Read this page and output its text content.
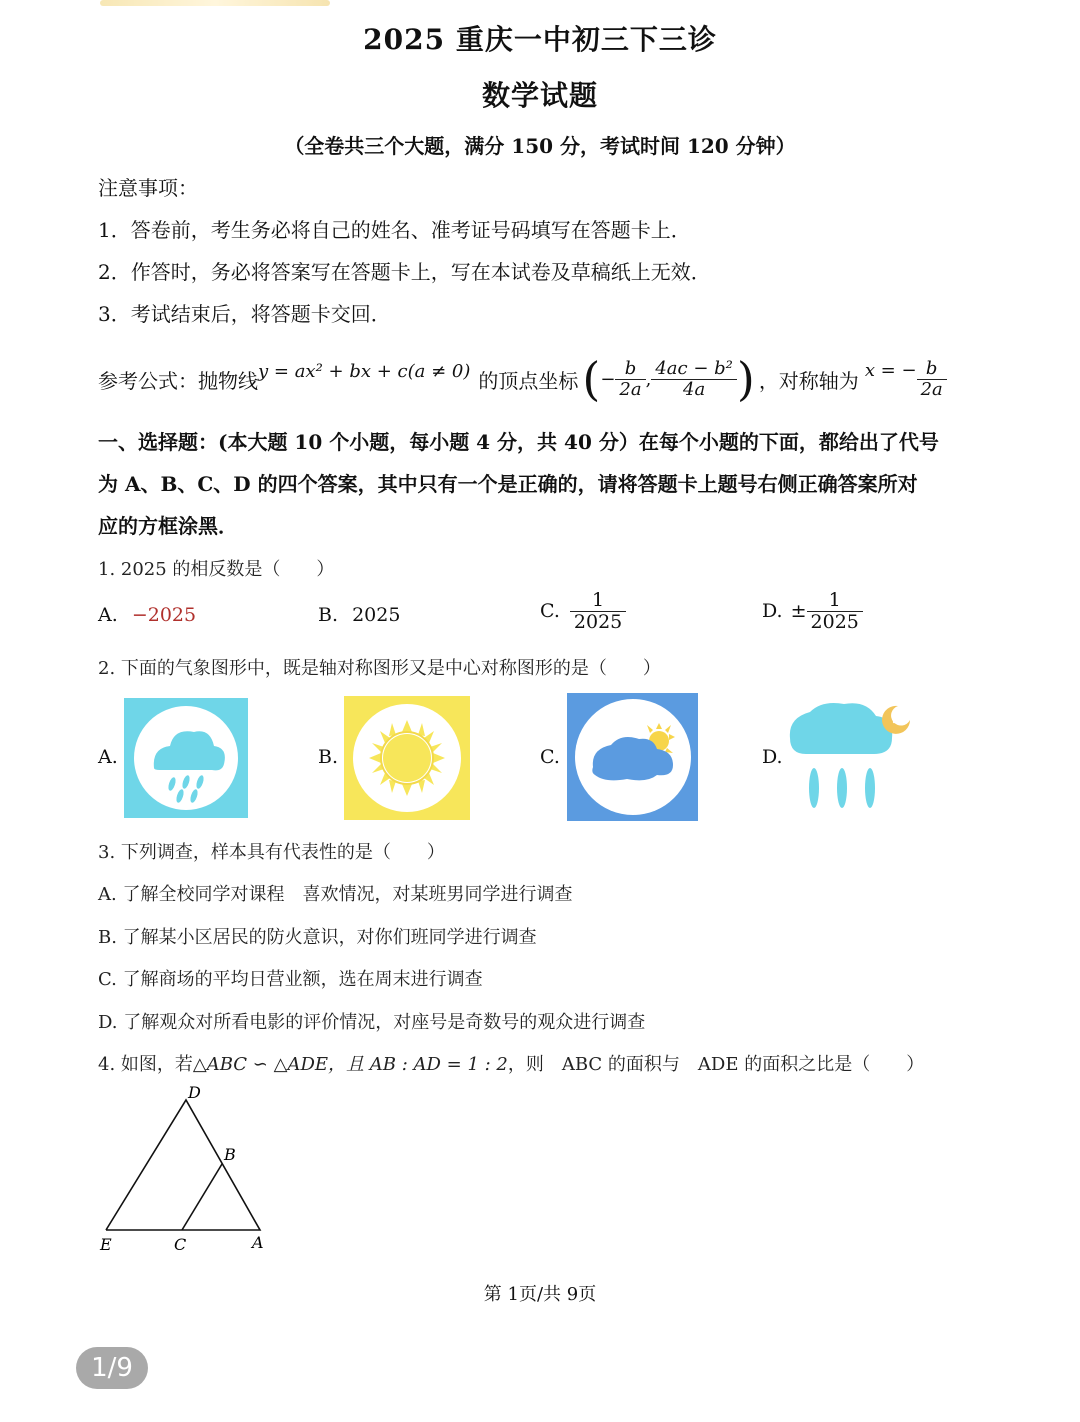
2025 重庆一中初三下三诊
数学试题
（全卷共三个大题，满分 150 分，考试时间 120 分钟）
注意事项：
1．答卷前，考生务必将自己的姓名、准考证号码填写在答题卡上．
2．作答时，务必将答案写在答题卡上，写在本试卷及草稿纸上无效．
3．考试结束后，将答题卡交回．
参考公式：抛物线 y = ax² + bx + c(a ≠ 0) 的顶点坐标 ( − $\frac{b}{2a}$ , $\frac{\text{4ac − b²}}{4a}$ ) ，对称轴为 x = − $\frac{b}{2a}$
一、选择题：(本大题 10 个小题，每小题 4 分，共 40 分）在每个小题的下面，都给出了代号
为 A、B、C、D 的四个答案，其中只有一个是正确的，请将答题卡上题号右侧正确答案所对
应的方框涂黑．
1. 2025 的相反数是（　　）
A. −2025	B. 2025	C. $\frac{1}{2025}$	D. ± $\frac{1}{2025}$
2. 下面的气象图形中，既是轴对称图形又是中心对称图形的是（　　）
A.	B.	C.	D.
3. 下列调查，样本具有代表性的是（　　）
A. 了解全校同学对课程　喜欢情况，对某班男同学进行调查
B. 了解某小区居民的防火意识，对你们班同学进行调查
C. 了解商场的平均日营业额，选在周末进行调查
D. 了解观众对所看电影的评价情况，对座号是奇数号的观众进行调查
4. 如图，若△ABC ∽ △ADE，且 AB : AD = 1 : 2，则　ABC 的面积与　ADE 的面积之比是（　　）
D
B
E	C	A
第 1页/共 9页
1/9
